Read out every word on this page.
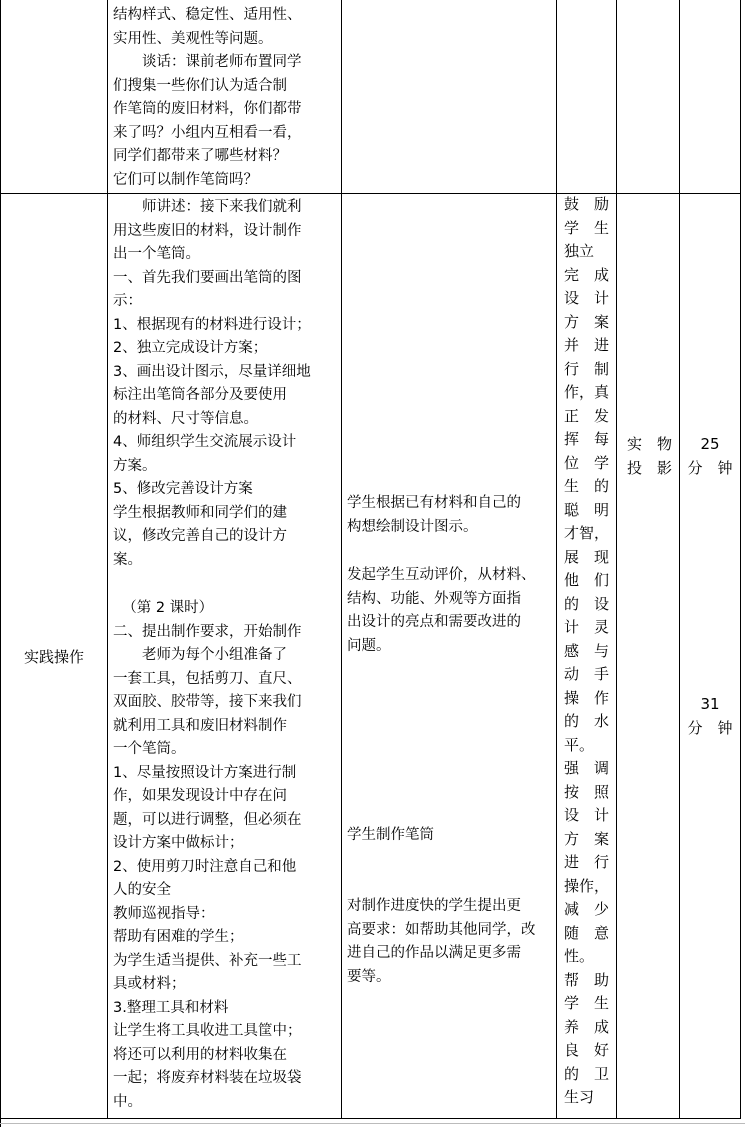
结构样式、稳定性、适用性、
实用性、美观性等问题。
　　谈话：课前老师布置同学
们搜集一些你们认为适合制
作笔筒的废旧材料，你们都带
来了吗？小组内互相看一看，
同学们都带来了哪些材料？
它们可以制作笔筒吗？
实践操作
　　师讲述：接下来我们就利
用这些废旧的材料，设计制作
出一个笔筒。
一、首先我们要画出笔筒的图
示：
1、根据现有的材料进行设计；
2、独立完成设计方案；
3、画出设计图示，尽量详细地
标注出笔筒各部分及要使用
的材料、尺寸等信息。
4、师组织学生交流展示设计
方案。
5、修改完善设计方案
学生根据教师和同学们的建
议，修改完善自己的设计方
案。
（第 2 课时）
二、提出制作要求，开始制作
　　老师为每个小组准备了
一套工具，包括剪刀、直尺、
双面胶、胶带等，接下来我们
就利用工具和废旧材料制作
一个笔筒。
1、尽量按照设计方案进行制
作，如果发现设计中存在问
题，可以进行调整，但必须在
设计方案中做标计；
2、使用剪刀时注意自己和他
人的安全
教师巡视指导：
帮助有困难的学生；
为学生适当提供、补充一些工
具或材料；
3.整理工具和材料
让学生将工具收进工具筐中；
将还可以利用的材料收集在
一起；将废弃材料装在垃圾袋
中。
学生根据已有材料和自己的
构想绘制设计图示。
发起学生互动评价，从材料、
结构、功能、外观等方面指
出设计的亮点和需要改进的
问题。
学生制作笔筒
对制作进度快的学生提出更
高要求：如帮助其他同学，改
进自己的作品以满足更多需
要等。
鼓　励
学　生
独立
完　成
设　计
方　案
并　进
行　制
作，真
正　发
挥　每
位　学
生　的
聪　明
才智，
展　现
他　们
的　设
计　灵
感　与
动　手
操　作
的　水
平。
强　调
按　照
设　计
方　案
进　行
操作，
减　少
随　意
性。
帮　助
学　生
养　成
良　好
的　卫
生习
实　物
投　影
25
分　钟
31
分　钟
